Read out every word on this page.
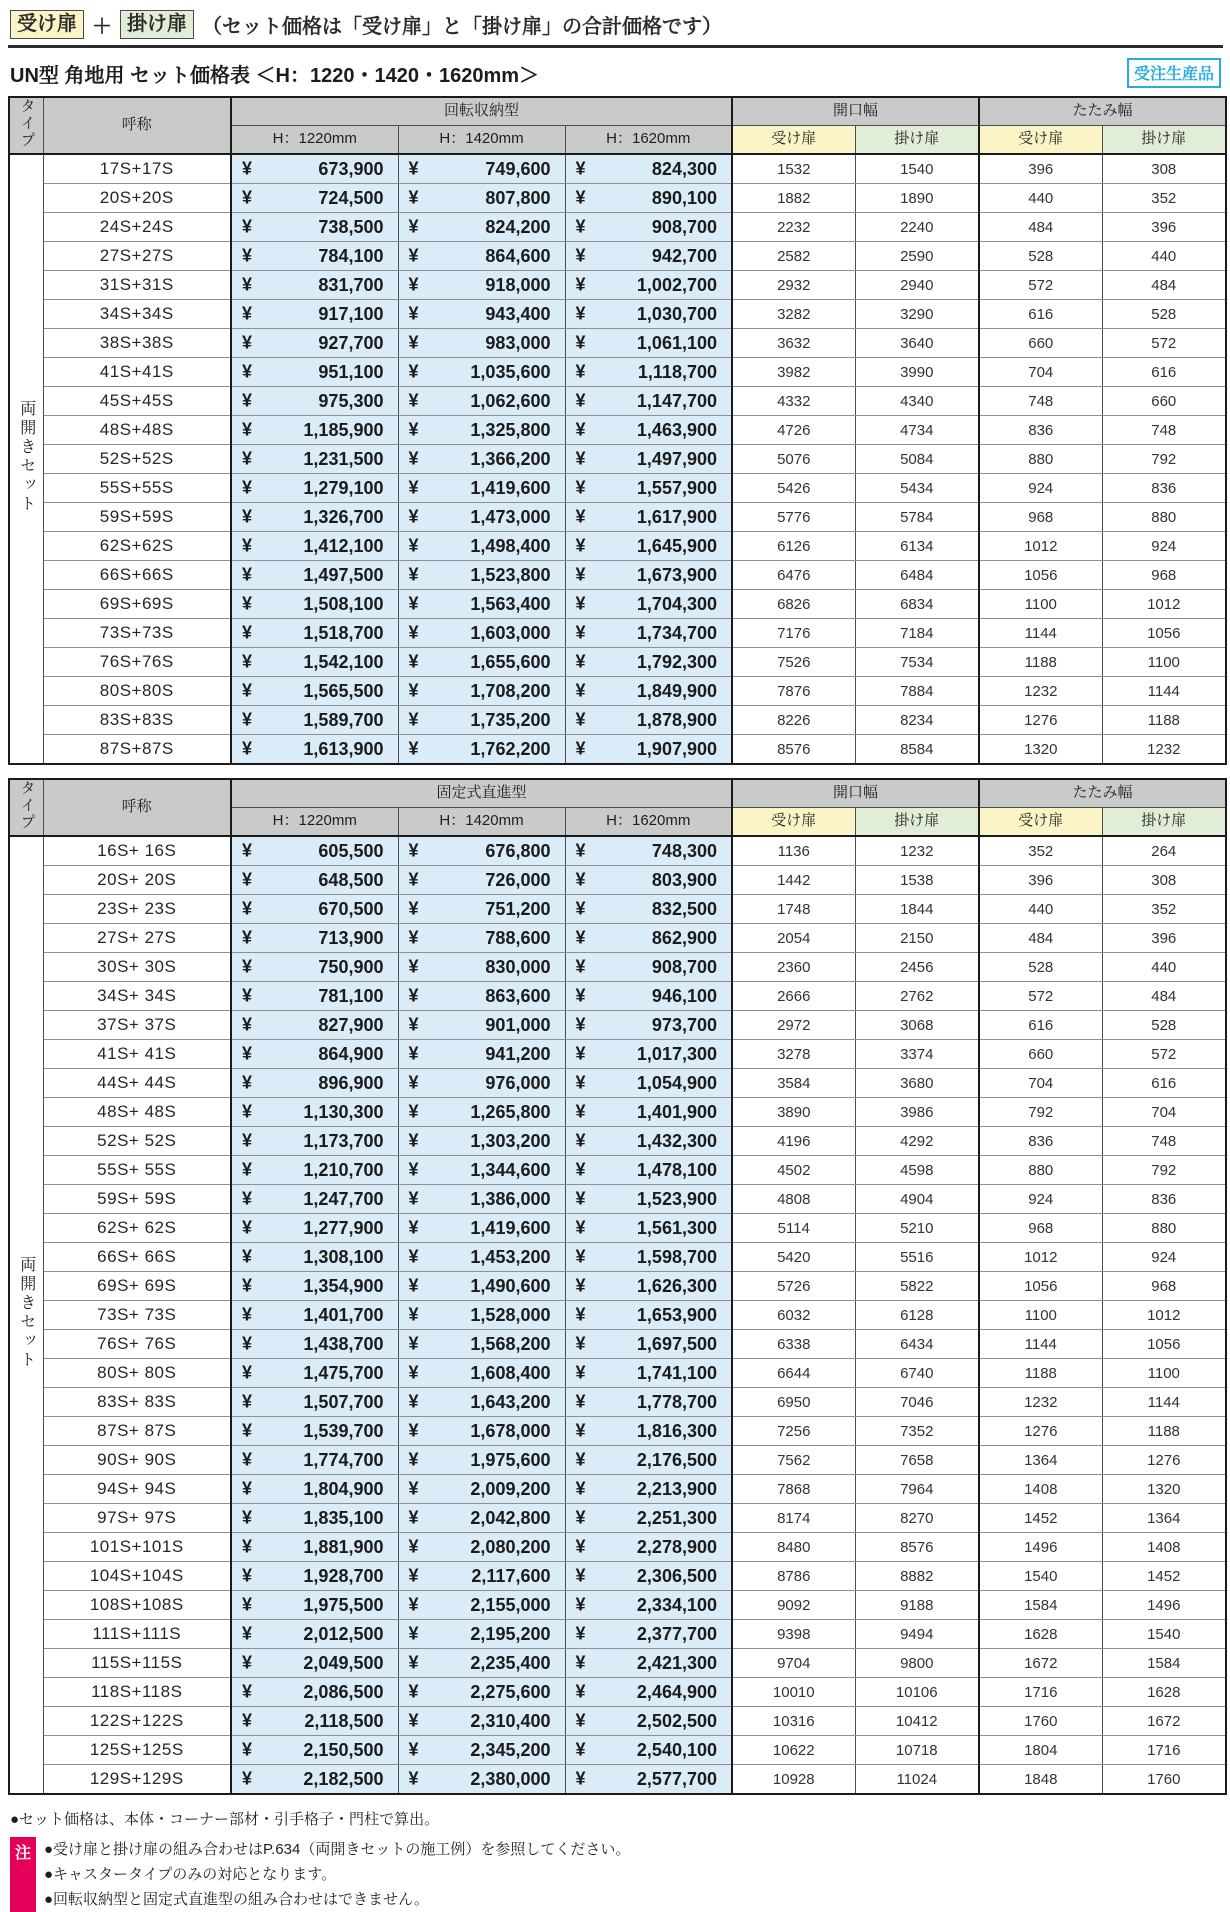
受け扉 ＋ 掛け扉 （セット価格は「受け扉」と「掛け扉」の合計価格です）
UN型 角地用 セット価格表 ＜H：1220・1420・1620mm＞	受注生産品
タイプ	呼称	回転収納型			開口幅		たたみ幅	
		H：1220mm	H：1420mm	H：1620mm	受け扉	掛け扉	受け扉	掛け扉
両開きセット	17S+17S	¥ 673,900	¥ 749,600	¥ 824,300	1532	1540	396	308
	20S+20S	¥ 724,500	¥ 807,800	¥ 890,100	1882	1890	440	352
	24S+24S	¥ 738,500	¥ 824,200	¥ 908,700	2232	2240	484	396
	27S+27S	¥ 784,100	¥ 864,600	¥ 942,700	2582	2590	528	440
	31S+31S	¥ 831,700	¥ 918,000	¥ 1,002,700	2932	2940	572	484
	34S+34S	¥ 917,100	¥ 943,400	¥ 1,030,700	3282	3290	616	528
	38S+38S	¥ 927,700	¥ 983,000	¥ 1,061,100	3632	3640	660	572
	41S+41S	¥ 951,100	¥ 1,035,600	¥ 1,118,700	3982	3990	704	616
	45S+45S	¥ 975,300	¥ 1,062,600	¥ 1,147,700	4332	4340	748	660
	48S+48S	¥ 1,185,900	¥ 1,325,800	¥ 1,463,900	4726	4734	836	748
	52S+52S	¥ 1,231,500	¥ 1,366,200	¥ 1,497,900	5076	5084	880	792
	55S+55S	¥ 1,279,100	¥ 1,419,600	¥ 1,557,900	5426	5434	924	836
	59S+59S	¥ 1,326,700	¥ 1,473,000	¥ 1,617,900	5776	5784	968	880
	62S+62S	¥ 1,412,100	¥ 1,498,400	¥ 1,645,900	6126	6134	1012	924
	66S+66S	¥ 1,497,500	¥ 1,523,800	¥ 1,673,900	6476	6484	1056	968
	69S+69S	¥ 1,508,100	¥ 1,563,400	¥ 1,704,300	6826	6834	1100	1012
	73S+73S	¥ 1,518,700	¥ 1,603,000	¥ 1,734,700	7176	7184	1144	1056
	76S+76S	¥ 1,542,100	¥ 1,655,600	¥ 1,792,300	7526	7534	1188	1100
	80S+80S	¥ 1,565,500	¥ 1,708,200	¥ 1,849,900	7876	7884	1232	1144
	83S+83S	¥ 1,589,700	¥ 1,735,200	¥ 1,878,900	8226	8234	1276	1188
	87S+87S	¥ 1,613,900	¥ 1,762,200	¥ 1,907,900	8576	8584	1320	1232
タイプ	呼称	固定式直進型			開口幅		たたみ幅	
		H：1220mm	H：1420mm	H：1620mm	受け扉	掛け扉	受け扉	掛け扉
両開きセット	16S+ 16S	¥ 605,500	¥ 676,800	¥ 748,300	1136	1232	352	264
	20S+ 20S	¥ 648,500	¥ 726,000	¥ 803,900	1442	1538	396	308
	23S+ 23S	¥ 670,500	¥ 751,200	¥ 832,500	1748	1844	440	352
	27S+ 27S	¥ 713,900	¥ 788,600	¥ 862,900	2054	2150	484	396
	30S+ 30S	¥ 750,900	¥ 830,000	¥ 908,700	2360	2456	528	440
	34S+ 34S	¥ 781,100	¥ 863,600	¥ 946,100	2666	2762	572	484
	37S+ 37S	¥ 827,900	¥ 901,000	¥ 973,700	2972	3068	616	528
	41S+ 41S	¥ 864,900	¥ 941,200	¥ 1,017,300	3278	3374	660	572
	44S+ 44S	¥ 896,900	¥ 976,000	¥ 1,054,900	3584	3680	704	616
	48S+ 48S	¥ 1,130,300	¥ 1,265,800	¥ 1,401,900	3890	3986	792	704
	52S+ 52S	¥ 1,173,700	¥ 1,303,200	¥ 1,432,300	4196	4292	836	748
	55S+ 55S	¥ 1,210,700	¥ 1,344,600	¥ 1,478,100	4502	4598	880	792
	59S+ 59S	¥ 1,247,700	¥ 1,386,000	¥ 1,523,900	4808	4904	924	836
	62S+ 62S	¥ 1,277,900	¥ 1,419,600	¥ 1,561,300	5114	5210	968	880
	66S+ 66S	¥ 1,308,100	¥ 1,453,200	¥ 1,598,700	5420	5516	1012	924
	69S+ 69S	¥ 1,354,900	¥ 1,490,600	¥ 1,626,300	5726	5822	1056	968
	73S+ 73S	¥ 1,401,700	¥ 1,528,000	¥ 1,653,900	6032	6128	1100	1012
	76S+ 76S	¥ 1,438,700	¥ 1,568,200	¥ 1,697,500	6338	6434	1144	1056
	80S+ 80S	¥ 1,475,700	¥ 1,608,400	¥ 1,741,100	6644	6740	1188	1100
	83S+ 83S	¥ 1,507,700	¥ 1,643,200	¥ 1,778,700	6950	7046	1232	1144
	87S+ 87S	¥ 1,539,700	¥ 1,678,000	¥ 1,816,300	7256	7352	1276	1188
	90S+ 90S	¥ 1,774,700	¥ 1,975,600	¥ 2,176,500	7562	7658	1364	1276
	94S+ 94S	¥ 1,804,900	¥ 2,009,200	¥ 2,213,900	7868	7964	1408	1320
	97S+ 97S	¥ 1,835,100	¥ 2,042,800	¥ 2,251,300	8174	8270	1452	1364
	101S+101S	¥ 1,881,900	¥ 2,080,200	¥ 2,278,900	8480	8576	1496	1408
	104S+104S	¥ 1,928,700	¥ 2,117,600	¥ 2,306,500	8786	8882	1540	1452
	108S+108S	¥ 1,975,500	¥ 2,155,000	¥ 2,334,100	9092	9188	1584	1496
	111S+111S	¥ 2,012,500	¥ 2,195,200	¥ 2,377,700	9398	9494	1628	1540
	115S+115S	¥ 2,049,500	¥ 2,235,400	¥ 2,421,300	9704	9800	1672	1584
	118S+118S	¥ 2,086,500	¥ 2,275,600	¥ 2,464,900	10010	10106	1716	1628
	122S+122S	¥ 2,118,500	¥ 2,310,400	¥ 2,502,500	10316	10412	1760	1672
	125S+125S	¥ 2,150,500	¥ 2,345,200	¥ 2,540,100	10622	10718	1804	1716
	129S+129S	¥ 2,182,500	¥ 2,380,000	¥ 2,577,700	10928	11024	1848	1760
●セット価格は、本体・コーナー部材・引手格子・門柱で算出。
注 ●受け扉と掛け扉の組み合わせはP.634（両開きセットの施工例）を参照してください。
●キャスタータイプのみの対応となります。
●回転収納型と固定式直進型の組み合わせはできません。
